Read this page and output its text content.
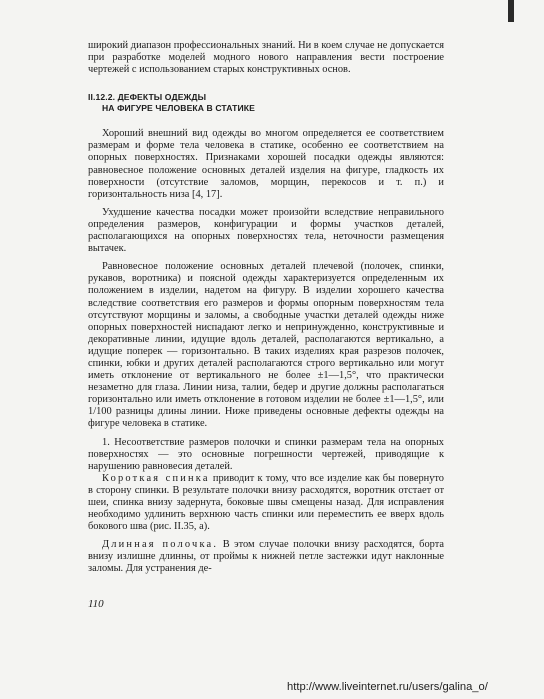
широкий диапазон профессиональных знаний. Ни в коем случае не допускается при разработке моделей модного нового направления вести построение чертежей с использованием старых конструктивных основ.

II.12.2. ДЕФЕКТЫ ОДЕЖДЫ
НА ФИГУРЕ ЧЕЛОВЕКА В СТАТИКЕ

Хороший внешний вид одежды во многом определяется ее соответствием размерам и форме тела человека в статике, особенно ее соответствием на опорных поверхностях. Признаками хорошей посадки одежды являются: равновесное положение основных деталей изделия на фигуре, гладкость их поверхности (отсутствие заломов, морщин, перекосов и т. п.) и горизонтальность низа [4, 17].

Ухудшение качества посадки может произойти вследствие неправильного определения размеров, конфигурации и формы участков деталей, располагающихся на опорных поверхностях тела, неточности размещения вытачек.

Равновесное положение основных деталей плечевой (полочек, спинки, рукавов, воротника) и поясной одежды характеризуется определенным их положением в изделии, надетом на фигуру. В изделии хорошего качества вследствие соответствия его размеров и формы опорным поверхностям тела отсутствуют морщины и заломы, а свободные участки деталей одежды ниже опорных поверхностей ниспадают легко и непринужденно, конструктивные и декоративные линии, идущие вдоль деталей, располагаются вертикально, а идущие поперек — горизонтально. В таких изделиях края разрезов полочек, спинки, юбки и других деталей располагаются строго вертикально или могут иметь отклонение от вертикального не более ±1—1,5°, что практически незаметно для глаза. Линии низа, талии, бедер и другие должны располагаться горизонтально или иметь отклонение в готовом изделии не более ±1—1,5°, или 1/100 разницы длины линии. Ниже приведены основные дефекты одежды на фигуре человека в статике.

1. Несоответствие размеров полочки и спинки размерам тела на опорных поверхностях — это основные погрешности чертежей, приводящие к нарушению равновесия деталей.

Короткая спинка приводит к тому, что все изделие как бы повернуто в сторону спинки. В результате полочки внизу расходятся, воротник отстает от шеи, спинка внизу задернута, боковые швы смещены назад. Для исправления необходимо удлинить верхнюю часть спинки или переместить ее вверх вдоль бокового шва (рис. II.35, а).

Длинная полочка. В этом случае полочки внизу расходятся, борта внизу излишне длинны, от проймы к нижней петле застежки идут наклонные заломы. Для устранения де-

110
http://www.liveinternet.ru/users/galina_o/
